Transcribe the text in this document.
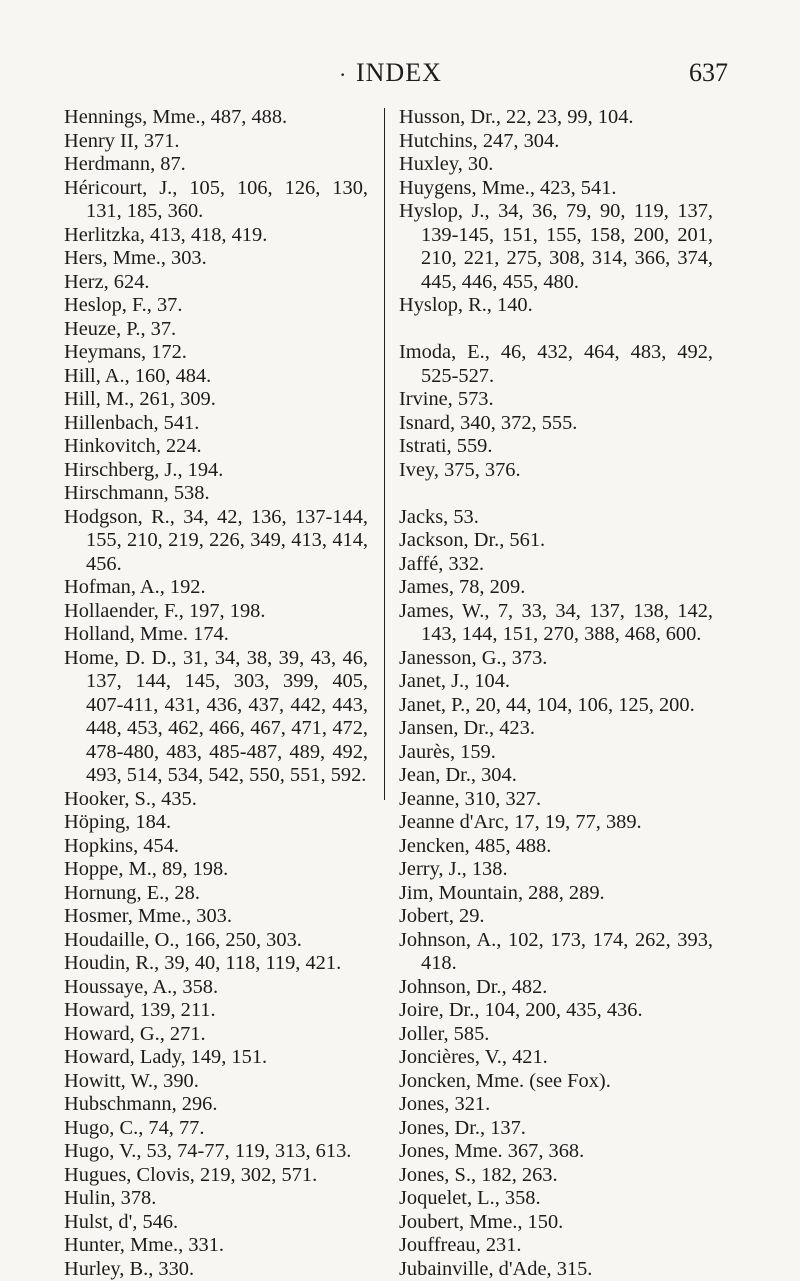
· INDEX	637
Hennings, Mme., 487, 488.
Henry II, 371.
Herdmann, 87.
Héricourt, J., 105, 106, 126, 130, 131, 185, 360.
Herlitzka, 413, 418, 419.
Hers, Mme., 303.
Herz, 624.
Heslop, F., 37.
Heuze, P., 37.
Heymans, 172.
Hill, A., 160, 484.
Hill, M., 261, 309.
Hillenbach, 541.
Hinkovitch, 224.
Hirschberg, J., 194.
Hirschmann, 538.
Hodgson, R., 34, 42, 136, 137-144, 155, 210, 219, 226, 349, 413, 414, 456.
Hofman, A., 192.
Hollaender, F., 197, 198.
Holland, Mme. 174.
Home, D. D., 31, 34, 38, 39, 43, 46, 137, 144, 145, 303, 399, 405, 407-411, 431, 436, 437, 442, 443, 448, 453, 462, 466, 467, 471, 472, 478-480, 483, 485-487, 489, 492, 493, 514, 534, 542, 550, 551, 592.
Hooker, S., 435.
Höping, 184.
Hopkins, 454.
Hoppe, M., 89, 198.
Hornung, E., 28.
Hosmer, Mme., 303.
Houdaille, O., 166, 250, 303.
Houdin, R., 39, 40, 118, 119, 421.
Houssaye, A., 358.
Howard, 139, 211.
Howard, G., 271.
Howard, Lady, 149, 151.
Howitt, W., 390.
Hubschmann, 296.
Hugo, C., 74, 77.
Hugo, V., 53, 74-77, 119, 313, 613.
Hugues, Clovis, 219, 302, 571.
Hulin, 378.
Hulst, d', 546.
Hunter, Mme., 331.
Hurley, B., 330.
Husson, Dr., 22, 23, 99, 104.
Hutchins, 247, 304.
Huxley, 30.
Huygens, Mme., 423, 541.
Hyslop, J., 34, 36, 79, 90, 119, 137, 139-145, 151, 155, 158, 200, 201, 210, 221, 275, 308, 314, 366, 374, 445, 446, 455, 480.
Hyslop, R., 140.
Imoda, E., 46, 432, 464, 483, 492, 525-527.
Irvine, 573.
Isnard, 340, 372, 555.
Istrati, 559.
Ivey, 375, 376.
Jacks, 53.
Jackson, Dr., 561.
Jaffé, 332.
James, 78, 209.
James, W., 7, 33, 34, 137, 138, 142, 143, 144, 151, 270, 388, 468, 600.
Janesson, G., 373.
Janet, J., 104.
Janet, P., 20, 44, 104, 106, 125, 200.
Jansen, Dr., 423.
Jaurès, 159.
Jean, Dr., 304.
Jeanne, 310, 327.
Jeanne d'Arc, 17, 19, 77, 389.
Jencken, 485, 488.
Jerry, J., 138.
Jim, Mountain, 288, 289.
Jobert, 29.
Johnson, A., 102, 173, 174, 262, 393, 418.
Johnson, Dr., 482.
Joire, Dr., 104, 200, 435, 436.
Joller, 585.
Joncières, V., 421.
Joncken, Mme. (see Fox).
Jones, 321.
Jones, Dr., 137.
Jones, Mme. 367, 368.
Jones, S., 182, 263.
Joquelet, L., 358.
Joubert, Mme., 150.
Jouffreau, 231.
Jubainville, d'Ade, 315.
